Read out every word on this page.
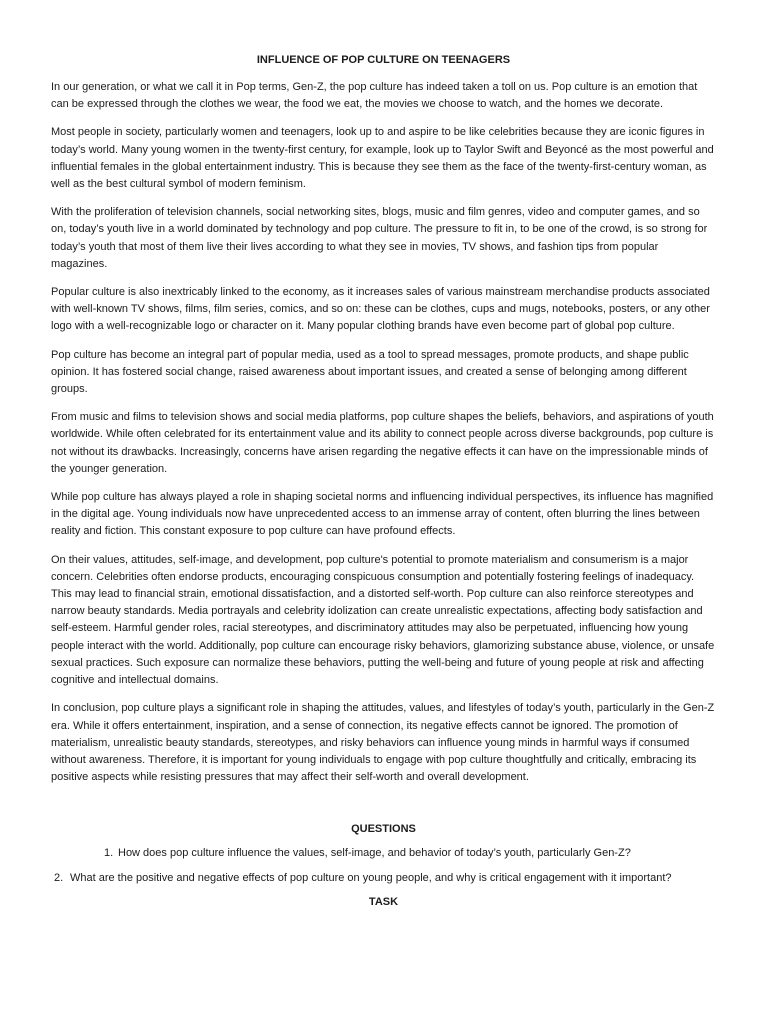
INFLUENCE OF POP CULTURE ON TEENAGERS

In our generation, or what we call it in Pop terms, Gen-Z, the pop culture has indeed taken a toll on us. Pop culture is an emotion that can be expressed through the clothes we wear, the food we eat, the movies we choose to watch, and the homes we decorate.

Most people in society, particularly women and teenagers, look up to and aspire to be like celebrities because they are iconic figures in today’s world. Many young women in the twenty-first century, for example, look up to Taylor Swift and Beyoncé as the most powerful and influential females in the global entertainment industry. This is because they see them as the face of the twenty-first-century woman, as well as the best cultural symbol of modern feminism.

With the proliferation of television channels, social networking sites, blogs, music and film genres, video and computer games, and so on, today’s youth live in a world dominated by technology and pop culture. The pressure to fit in, to be one of the crowd, is so strong for today’s youth that most of them live their lives according to what they see in movies, TV shows, and fashion tips from popular magazines.

Popular culture is also inextricably linked to the economy, as it increases sales of various mainstream merchandise products associated with well-known TV shows, films, film series, comics, and so on: these can be clothes, cups and mugs, notebooks, posters, or any other logo with a well-recognizable logo or character on it. Many popular clothing brands have even become part of global pop culture.

Pop culture has become an integral part of popular media, used as a tool to spread messages, promote products, and shape public opinion. It has fostered social change, raised awareness about important issues, and created a sense of belonging among different groups.

From music and films to television shows and social media platforms, pop culture shapes the beliefs, behaviors, and aspirations of youth worldwide. While often celebrated for its entertainment value and its ability to connect people across diverse backgrounds, pop culture is not without its drawbacks. Increasingly, concerns have arisen regarding the negative effects it can have on the impressionable minds of the younger generation.

While pop culture has always played a role in shaping societal norms and influencing individual perspectives, its influence has magnified in the digital age. Young individuals now have unprecedented access to an immense array of content, often blurring the lines between reality and fiction. This constant exposure to pop culture can have profound effects.

On their values, attitudes, self-image, and development, pop culture's potential to promote materialism and consumerism is a major concern. Celebrities often endorse products, encouraging conspicuous consumption and potentially fostering feelings of inadequacy. This may lead to financial strain, emotional dissatisfaction, and a distorted self-worth. Pop culture can also reinforce stereotypes and narrow beauty standards. Media portrayals and celebrity idolization can create unrealistic expectations, affecting body satisfaction and self-esteem. Harmful gender roles, racial stereotypes, and discriminatory attitudes may also be perpetuated, influencing how young people interact with the world. Additionally, pop culture can encourage risky behaviors, glamorizing substance abuse, violence, or unsafe sexual practices. Such exposure can normalize these behaviors, putting the well-being and future of young people at risk and affecting cognitive and intellectual domains.

In conclusion, pop culture plays a significant role in shaping the attitudes, values, and lifestyles of today’s youth, particularly in the Gen-Z era. While it offers entertainment, inspiration, and a sense of connection, its negative effects cannot be ignored. The promotion of materialism, unrealistic beauty standards, stereotypes, and risky behaviors can influence young minds in harmful ways if consumed without awareness. Therefore, it is important for young individuals to engage with pop culture thoughtfully and critically, embracing its positive aspects while resisting pressures that may affect their self-worth and overall development.

QUESTIONS
1. How does pop culture influence the values, self-image, and behavior of today’s youth, particularly Gen-Z?
2. What are the positive and negative effects of pop culture on young people, and why is critical engagement with it important?
TASK
